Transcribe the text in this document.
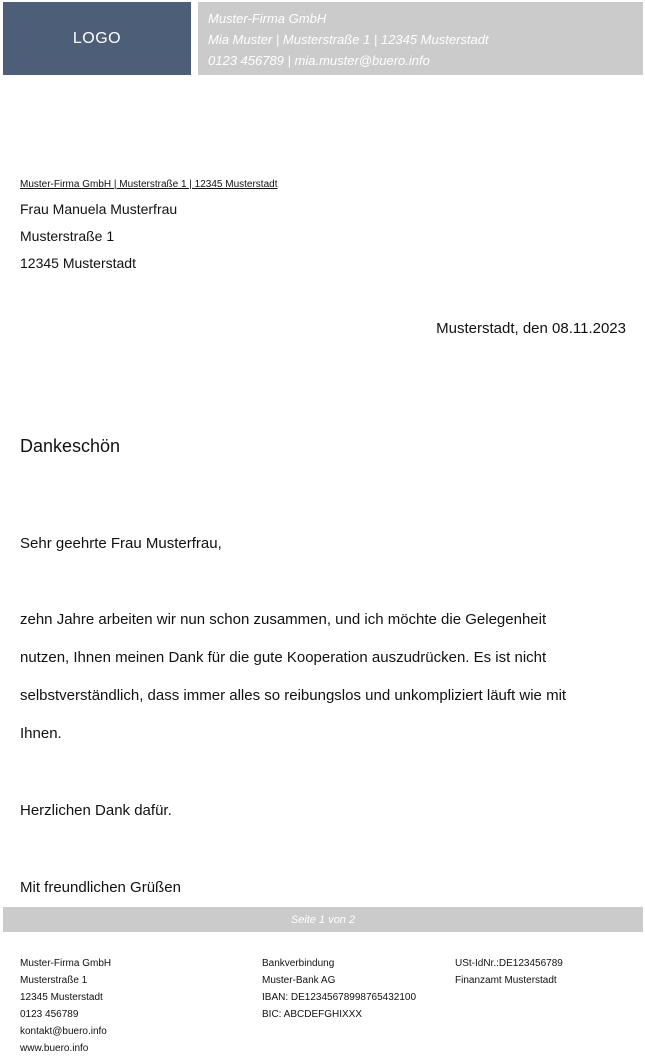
LOGO
Muster-Firma GmbH
Mia Muster | Musterstraße 1 | 12345 Musterstadt
0123 456789 | mia.muster@buero.info
Muster-Firma GmbH | Musterstraße 1 | 12345 Musterstadt
Frau Manuela Musterfrau
Musterstraße 1
12345 Musterstadt
Musterstadt, den 08.11.2023
Dankeschön
Sehr geehrte Frau Musterfrau,
zehn Jahre arbeiten wir nun schon zusammen, und ich möchte die Gelegenheit
nutzen, Ihnen meinen Dank für die gute Kooperation auszudrücken. Es ist nicht
selbstverständlich, dass immer alles so reibungslos und unkompliziert läuft wie mit
Ihnen.
Herzlichen Dank dafür.
Mit freundlichen Grüßen
Seite 1 von 2
Muster-Firma GmbH
Musterstraße 1
12345 Musterstadt
0123 456789
kontakt@buero.info
www.buero.info
Bankverbindung
Muster-Bank AG
IBAN: DE12345678998765432100
BIC: ABCDEFGHIXXX
USt-IdNr.:DE123456789
Finanzamt Musterstadt
